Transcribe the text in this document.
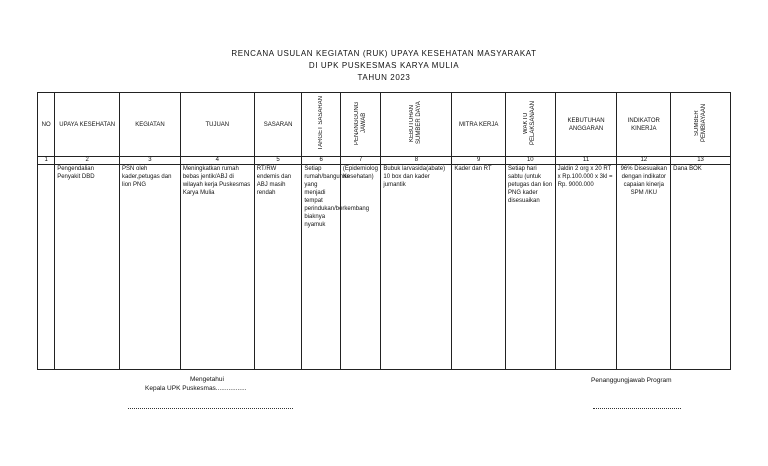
RENCANA USULAN KEGIATAN (RUK) UPAYA KESEHATAN MASYARAKAT
DI UPK PUSKESMAS KARYA MULIA
TAHUN 2023
NO	UPAYA KESEHATAN	KEGIATAN	TUJUAN	SASARAN	TARGET SASARAN	PENANGGUNG JAWAB	KEBUTUHAN SUMBER DAYA	MITRA KERJA	WAKTU PELAKSANAAN	KEBUTUHAN ANGGARAN	INDIKATOR KINERJA	SUMBER PEMBIAYAAN
1	2	3	4	5	6	7	8	9	10	11	12	13
	Pengendalian Penyakit DBD	PSN oleh kader,petugas dan lion PNG	Meningkatkan rumah bebas jentik/ABJ di wilayah kerja Puskesmas Karya Mulia	RT/RW endemis dan ABJ masih rendah	Setiap rumah/bangunan yang menjadi tempat perindukan/berkembang biaknya nyamuk	(Epidemiolog Kesehatan)	Bubuk larvasida(abate) 10 box dan kader jumantik	Kader dan RT	Setiap hari sabtu (untuk petugas dan lion PNG kader disesuaikan	Jaldin 2 org x 20 RT x Rp.100.000 x 3kl = Rp. 9000.000	96% Disesuaikan dengan indikator capaian kinerja SPM /IKU	Dana BOK
Mengetahui
Kepala UPK Puskesmas.................
Penanggungjawab Program
